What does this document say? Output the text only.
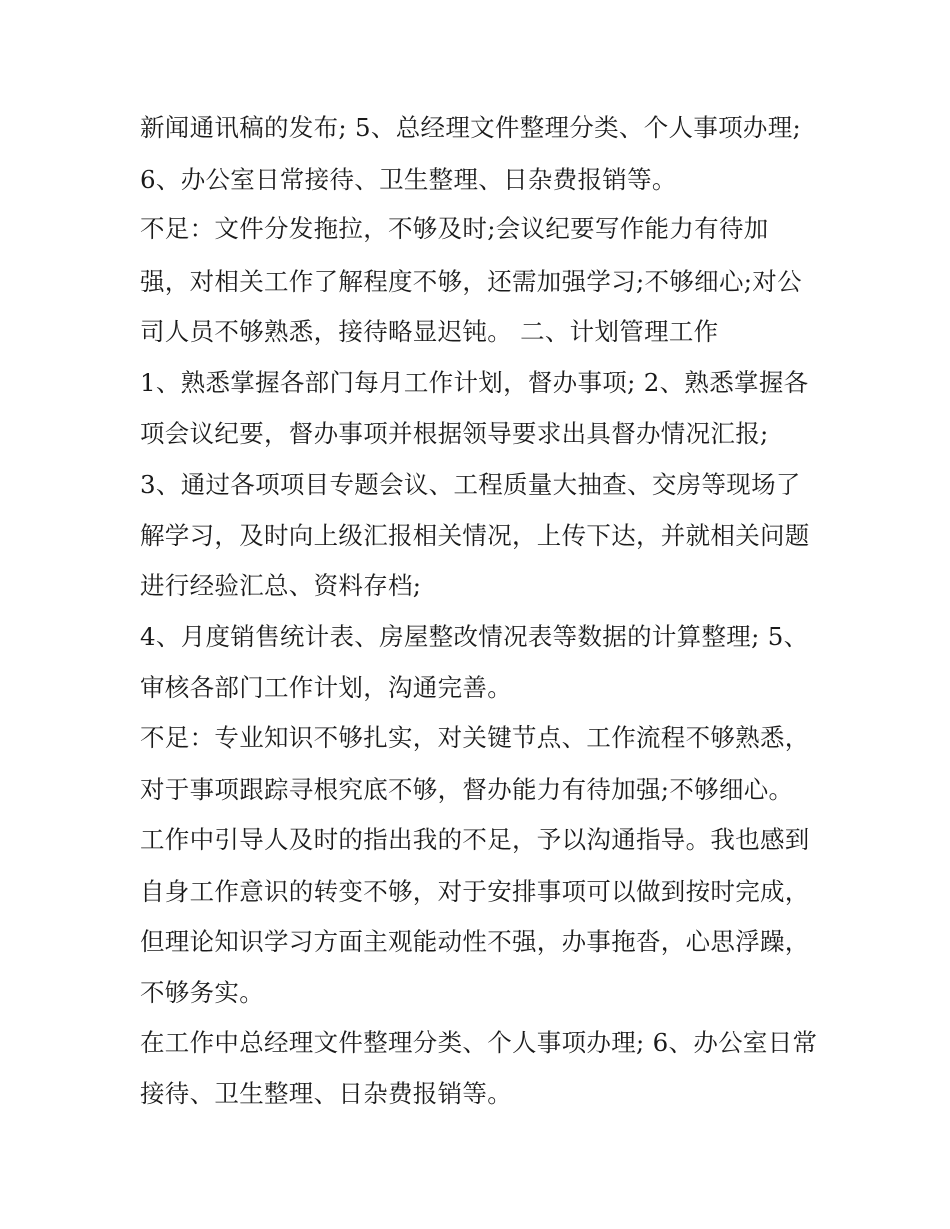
新闻通讯稿的发布; 5、总经理文件整理分类、个人事项办理;
6、办公室日常接待、卫生整理、日杂费报销等。
不足：文件分发拖拉，不够及时;会议纪要写作能力有待加
强，对相关工作了解程度不够，还需加强学习;不够细心;对公
司人员不够熟悉，接待略显迟钝。 二、计划管理工作
1、熟悉掌握各部门每月工作计划，督办事项; 2、熟悉掌握各
项会议纪要，督办事项并根据领导要求出具督办情况汇报;
3、通过各项项目专题会议、工程质量大抽查、交房等现场了
解学习，及时向上级汇报相关情况，上传下达，并就相关问题
进行经验汇总、资料存档;
4、月度销售统计表、房屋整改情况表等数据的计算整理; 5、
审核各部门工作计划，沟通完善。
不足：专业知识不够扎实，对关键节点、工作流程不够熟悉，
对于事项跟踪寻根究底不够，督办能力有待加强;不够细心。
工作中引导人及时的指出我的不足，予以沟通指导。我也感到
自身工作意识的转变不够，对于安排事项可以做到按时完成，
但理论知识学习方面主观能动性不强，办事拖沓，心思浮躁，
不够务实。
在工作中总经理文件整理分类、个人事项办理; 6、办公室日常
接待、卫生整理、日杂费报销等。
